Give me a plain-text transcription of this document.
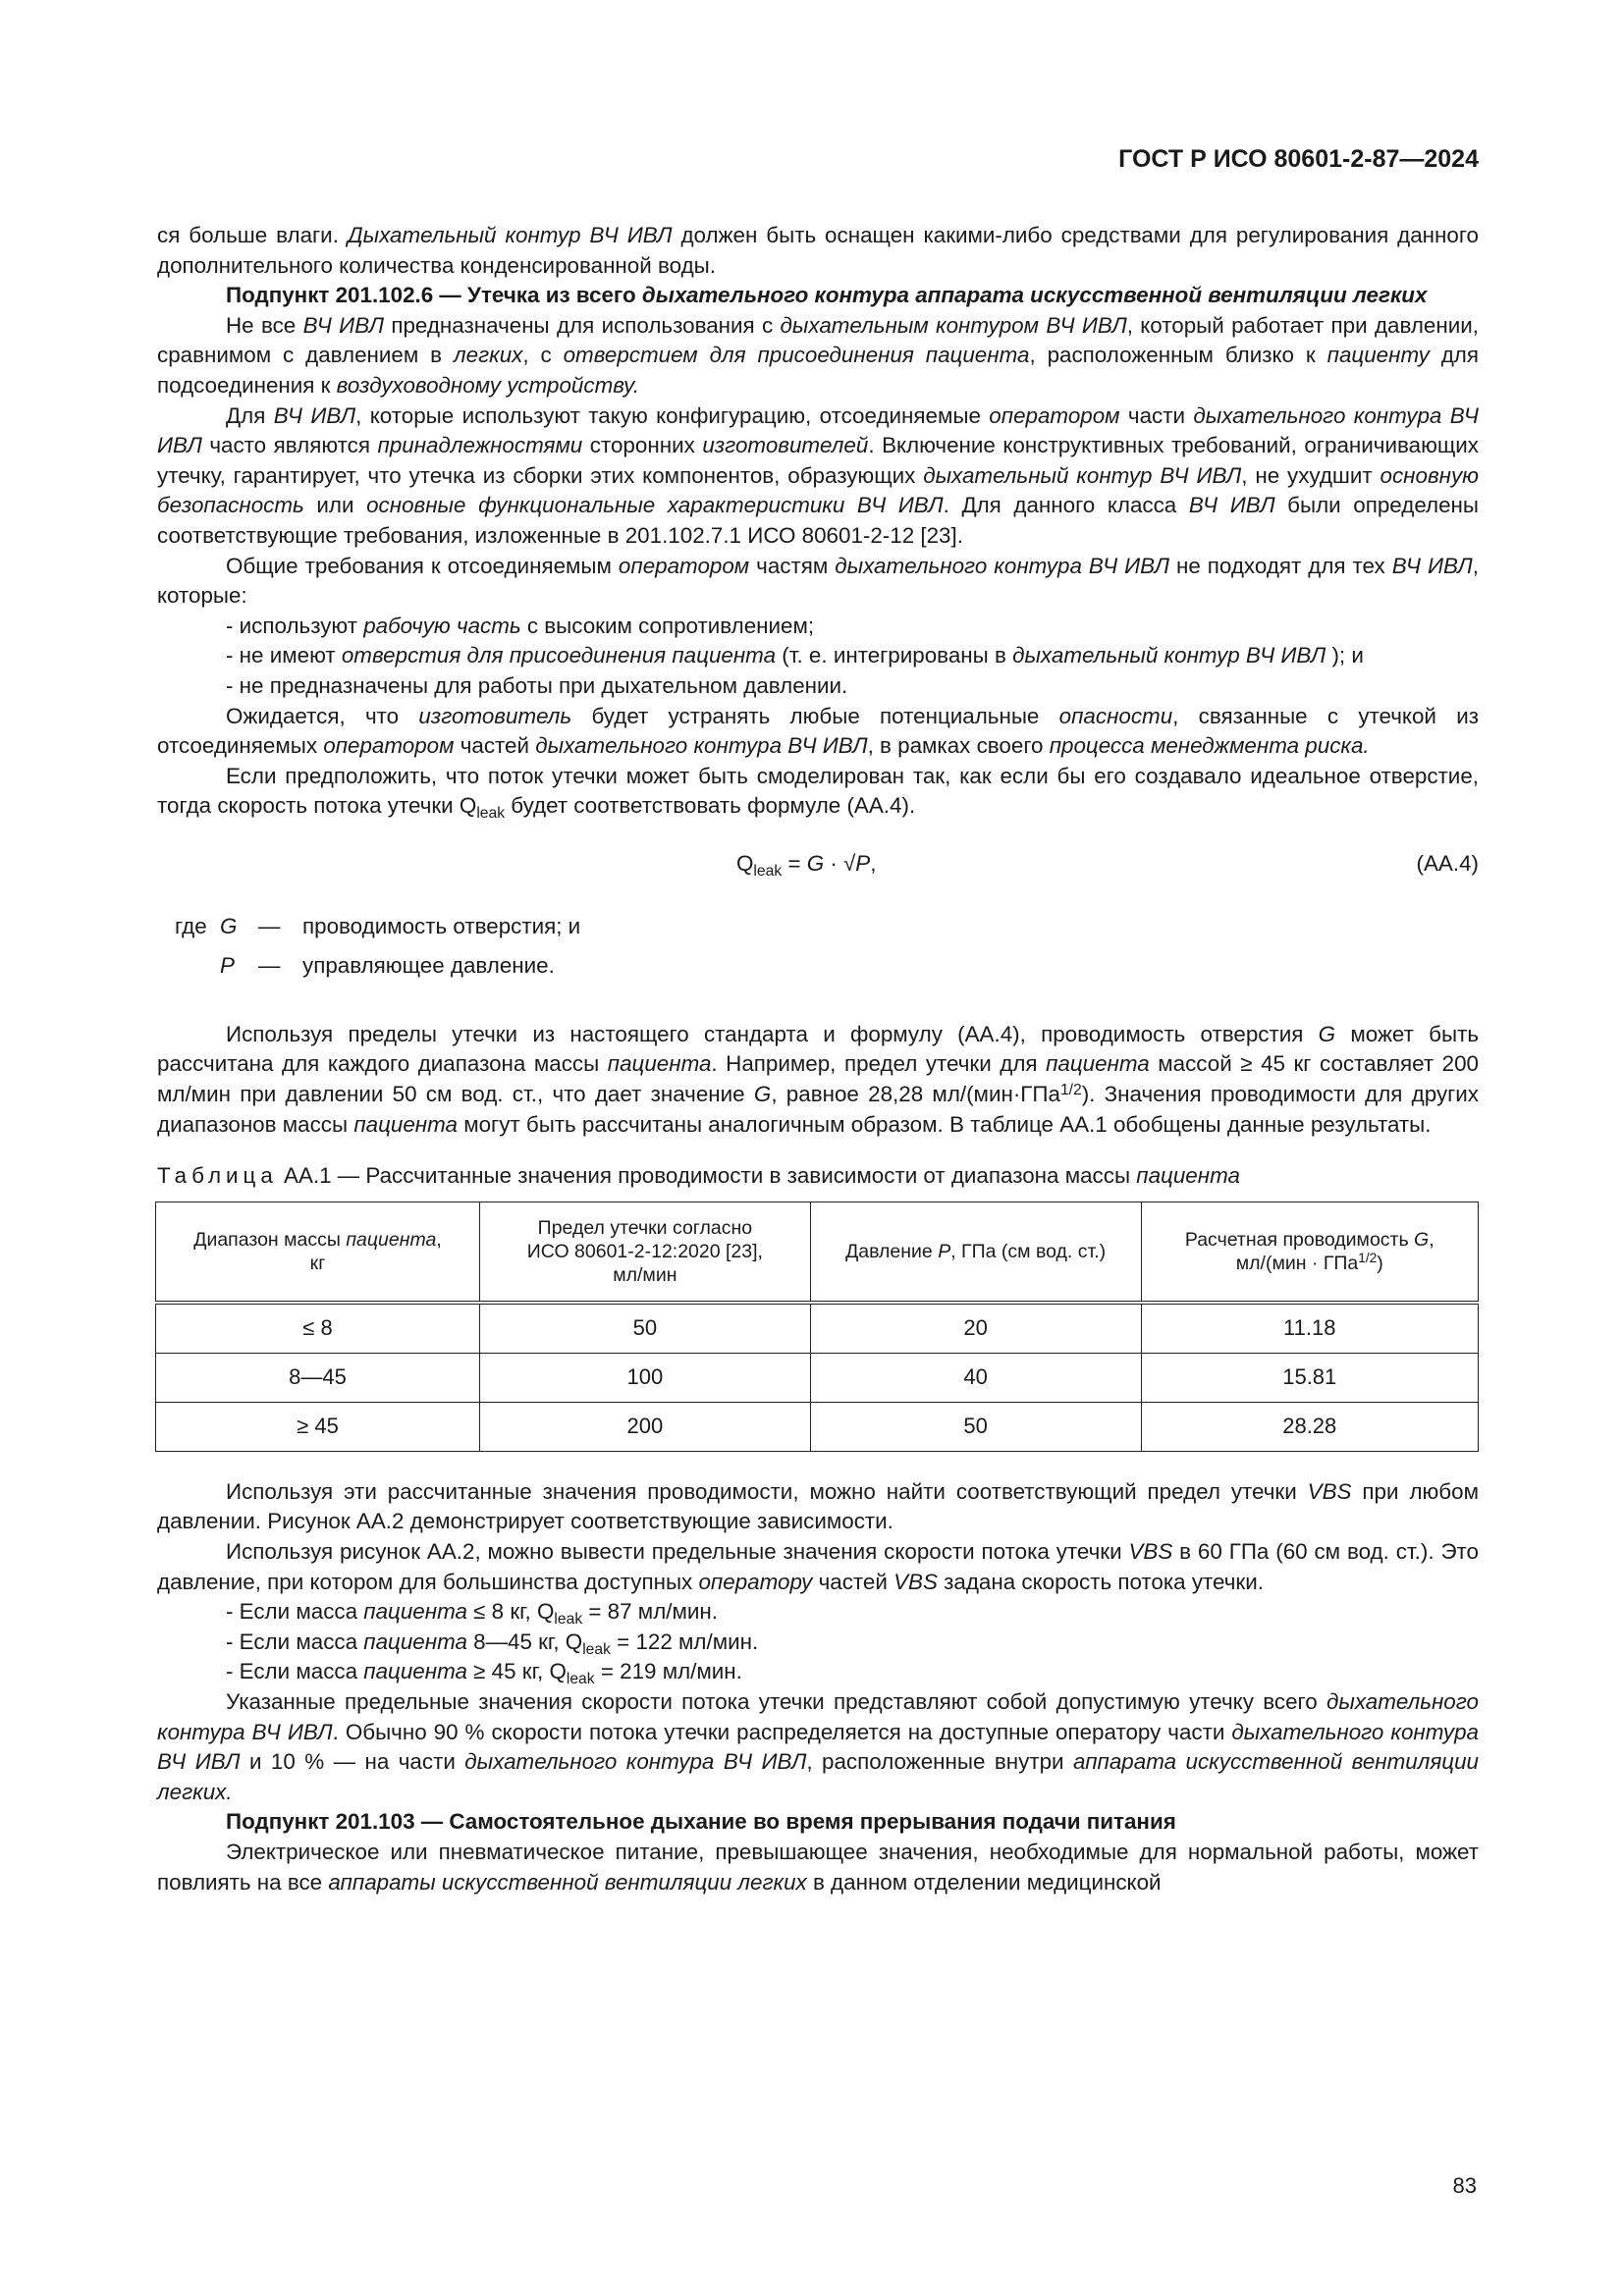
ГОСТ Р ИСО 80601-2-87—2024

ся больше влаги. Дыхательный контур ВЧ ИВЛ должен быть оснащен какими-либо средствами для регулирования данного дополнительного количества конденсированной воды.

Подпункт 201.102.6 — Утечка из всего дыхательного контура аппарата искусственной вентиляции легких

Не все ВЧ ИВЛ предназначены для использования с дыхательным контуром ВЧ ИВЛ, который работает при давлении, сравнимом с давлением в легких, с отверстием для присоединения пациента, расположенным близко к пациенту для подсоединения к воздуховодному устройству.

Для ВЧ ИВЛ, которые используют такую конфигурацию, отсоединяемые оператором части дыхательного контура ВЧ ИВЛ часто являются принадлежностями сторонних изготовителей. Включение конструктивных требований, ограничивающих утечку, гарантирует, что утечка из сборки этих компонентов, образующих дыхательный контур ВЧ ИВЛ, не ухудшит основную безопасность или основные функциональные характеристики ВЧ ИВЛ. Для данного класса ВЧ ИВЛ были определены соответствующие требования, изложенные в 201.102.7.1 ИСО 80601-2-12 [23].

Общие требования к отсоединяемым оператором частям дыхательного контура ВЧ ИВЛ не подходят для тех ВЧ ИВЛ, которые:

- используют рабочую часть с высоким сопротивлением;

- не имеют отверстия для присоединения пациента (т. е. интегрированы в дыхательный контур ВЧ ИВЛ ); и

- не предназначены для работы при дыхательном давлении.

Ожидается, что изготовитель будет устранять любые потенциальные опасности, связанные с утечкой из отсоединяемых оператором частей дыхательного контура ВЧ ИВЛ, в рамках своего процесса менеджмента риска.

Если предположить, что поток утечки может быть смоделирован так, как если бы его создавало идеальное отверстие, тогда скорость потока утечки $Q_{leak}$ будет соответствовать формуле (АА.4).

$Q_{leak} = G \cdot √P$,	(АА.4)
где G — проводимость отверстия; и
P — управляющее давление.

Используя пределы утечки из настоящего стандарта и формулу (АА.4), проводимость отверстия G может быть рассчитана для каждого диапазона массы пациента. Например, предел утечки для пациента массой ≥ 45 кг составляет 200 мл/мин при давлении 50 см вод. ст., что дает значение G, равное 28,28 мл/(мин·ГПа$^{1/2}$). Значения проводимости для других диапазонов массы пациента могут быть рассчитаны аналогичным образом. В таблице АА.1 обобщены данные результаты.

Таблица АА.1 — Рассчитанные значения проводимости в зависимости от диапазона массы пациента
Диапазон массы пациента,
кг	Предел утечки согласно
ИСО 80601-2-12:2020 [23],
мл/мин	Давление P, ГПа (см вод. ст.)	Расчетная проводимость G,
мл/(мин · ГПа$^{1/2}$)
≤ 8	50	20	11.18
8—45	100	40	15.81
≥ 45	200	50	28.28

Используя эти рассчитанные значения проводимости, можно найти соответствующий предел утечки VBS при любом давлении. Рисунок АА.2 демонстрирует соответствующие зависимости.

Используя рисунок АА.2, можно вывести предельные значения скорости потока утечки VBS в 60 ГПа (60 см вод. ст.). Это давление, при котором для большинства доступных оператору частей VBS задана скорость потока утечки.

- Если масса пациента ≤ 8 кг, $Q_{leak} = 87$ мл/мин.

- Если масса пациента 8—45 кг, $Q_{leak} = 122$ мл/мин.

- Если масса пациента ≥ 45 кг, $Q_{leak} = 219$ мл/мин.

Указанные предельные значения скорости потока утечки представляют собой допустимую утечку всего дыхательного контура ВЧ ИВЛ. Обычно 90 % скорости потока утечки распределяется на доступные оператору части дыхательного контура ВЧ ИВЛ и 10 % — на части дыхательного контура ВЧ ИВЛ, расположенные внутри аппарата искусственной вентиляции легких.

Подпункт 201.103 — Самостоятельное дыхание во время прерывания подачи питания

Электрическое или пневматическое питание, превышающее значения, необходимые для нормальной работы, может повлиять на все аппараты искусственной вентиляции легких в данном отделении медицинской

83
